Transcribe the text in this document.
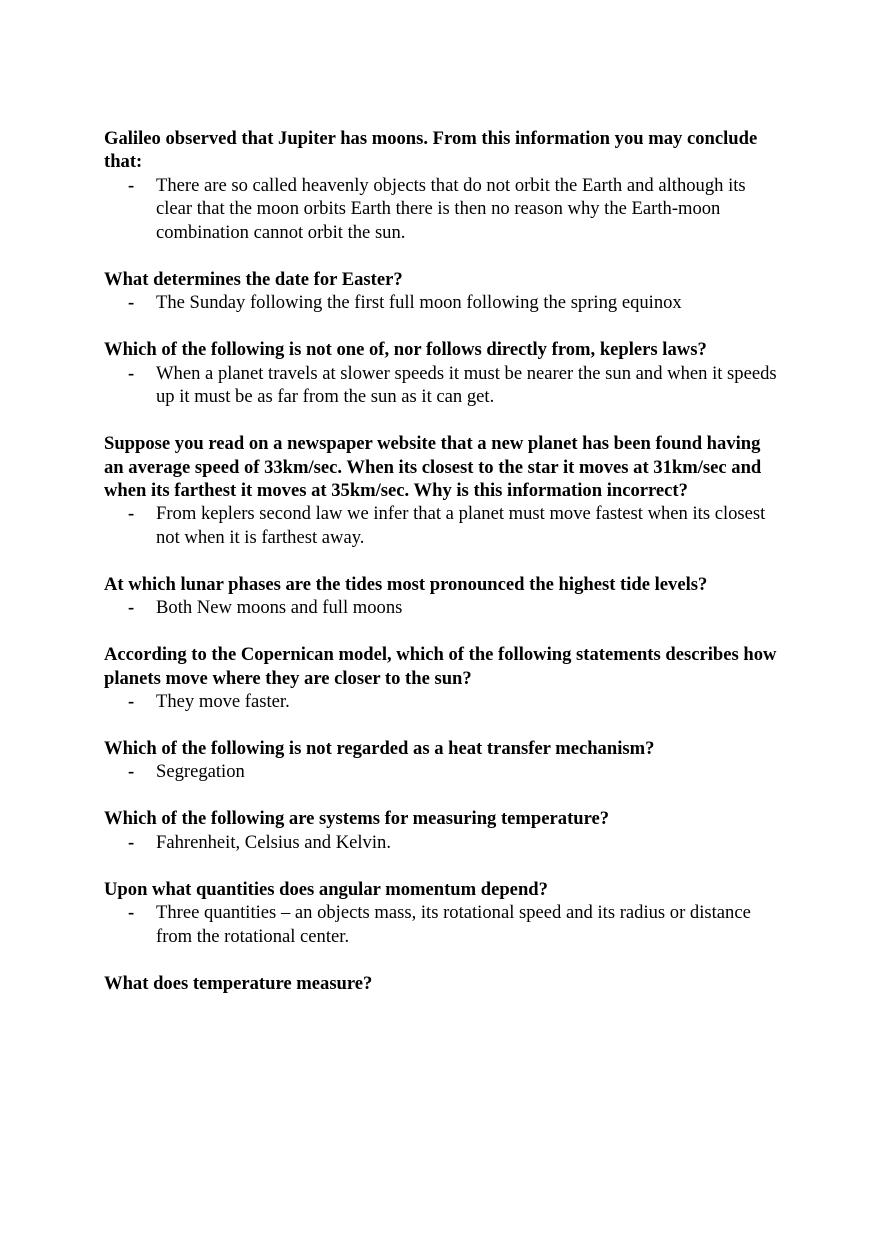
Galileo observed that Jupiter has moons. From this information you may conclude that:

- There are so called heavenly objects that do not orbit the Earth and although its clear that the moon orbits Earth there is then no reason why the Earth-moon combination cannot orbit the sun.

What determines the date for Easter?

- The Sunday following the first full moon following the spring equinox

Which of the following is not one of, nor follows directly from, keplers laws?

- When a planet travels at slower speeds it must be nearer the sun and when it speeds up it must be as far from the sun as it can get.

Suppose you read on a newspaper website that a new planet has been found having an average speed of 33km/sec. When its closest to the star it moves at 31km/sec and when its farthest it moves at 35km/sec. Why is this information incorrect?

- From keplers second law we infer that a planet must move fastest when its closest not when it is farthest away.

At which lunar phases are the tides most pronounced the highest tide levels?

- Both New moons and full moons

According to the Copernican model, which of the following statements describes how planets move where they are closer to the sun?

- They move faster.

Which of the following is not regarded as a heat transfer mechanism?

- Segregation

Which of the following are systems for measuring temperature?

- Fahrenheit, Celsius and Kelvin.

Upon what quantities does angular momentum depend?

- Three quantities – an objects mass, its rotational speed and its radius or distance from the rotational center.

What does temperature measure?
